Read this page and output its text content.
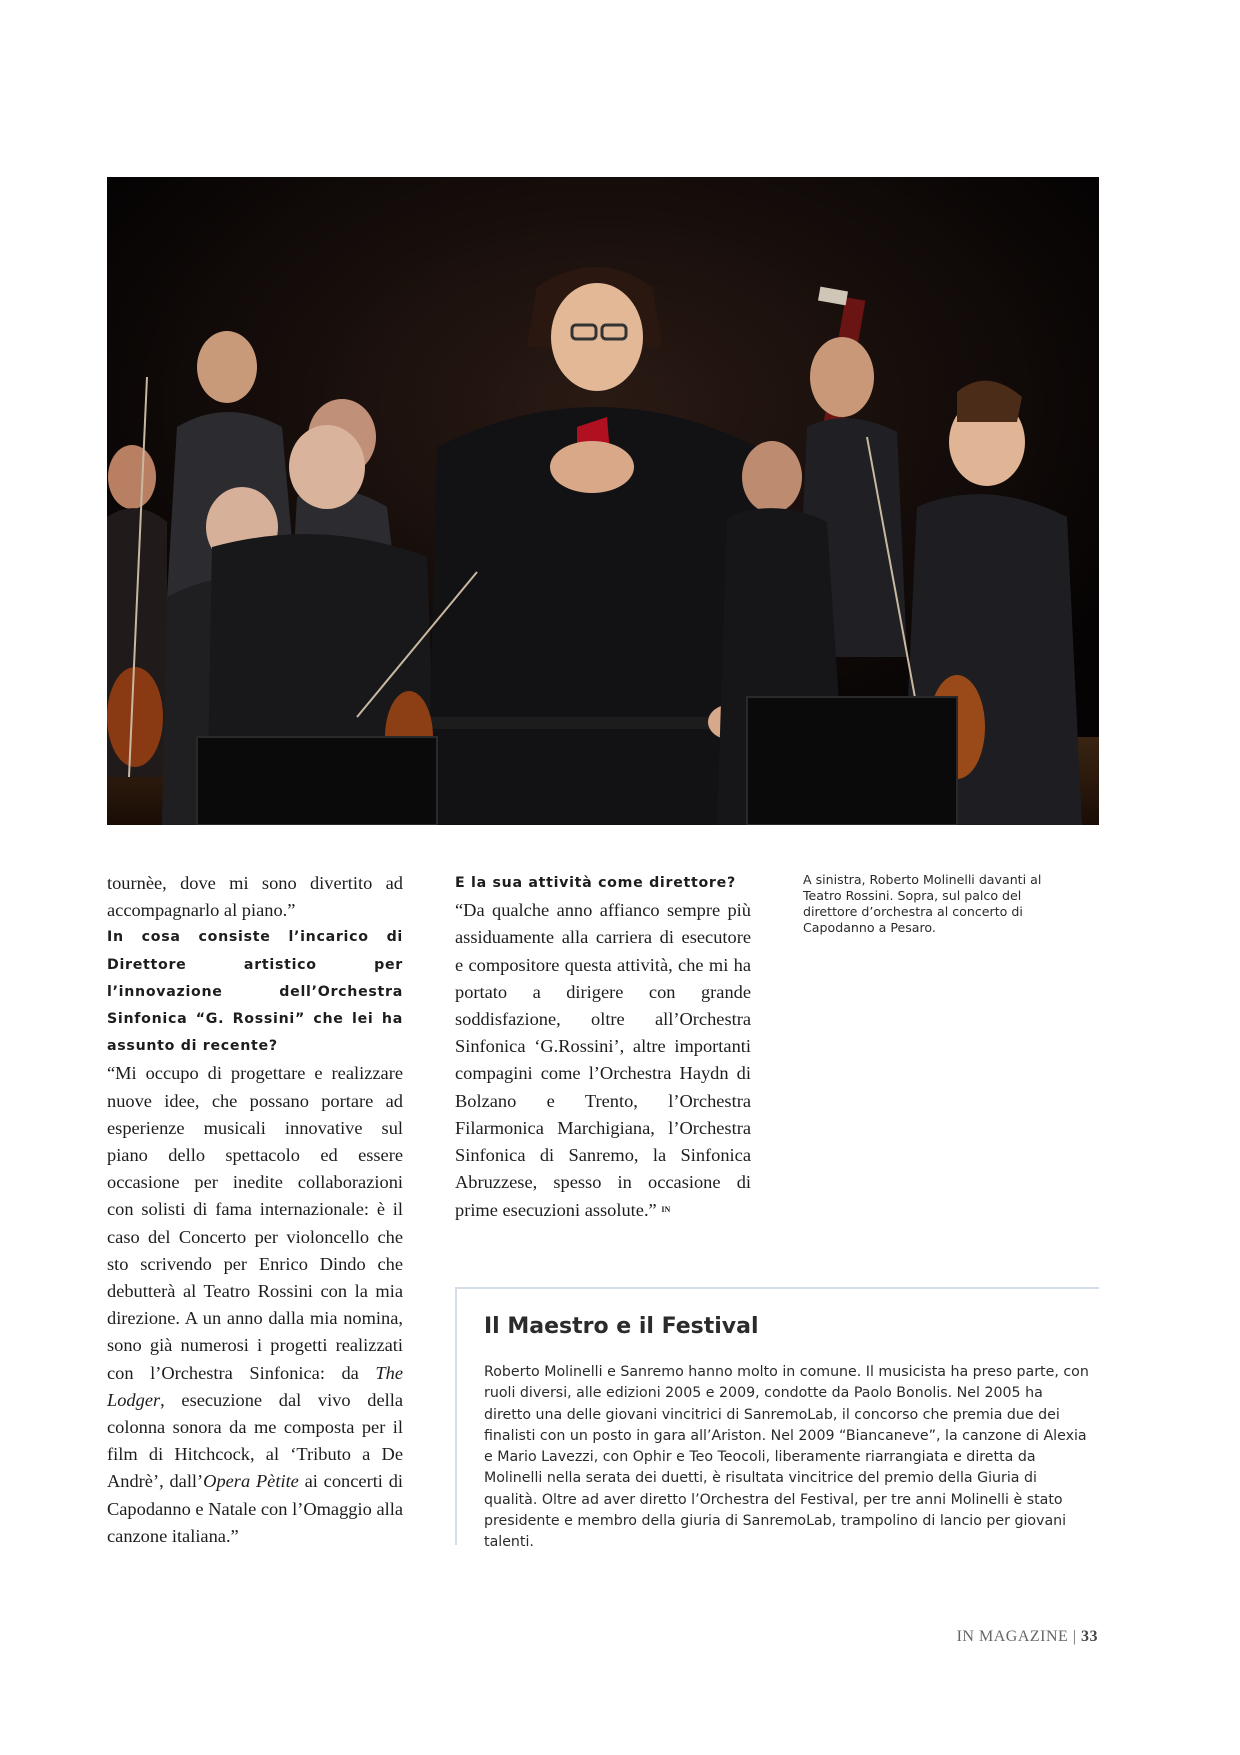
tournèe, dove mi sono divertito ad accompagnarlo al piano.”

In cosa consiste l’incarico di Direttore artistico per l’innovazione dell’Orchestra Sinfonica “G. Rossini” che lei ha assunto di recente?

“Mi occupo di progettare e realizzare nuove idee, che possano portare ad esperienze musicali innovative sul piano dello spettacolo ed essere occasione per inedite collaborazioni con solisti di fama internazionale: è il caso del Concerto per violoncello che sto scrivendo per Enrico Dindo che debutterà al Teatro Rossini con la mia direzione. A un anno dalla mia nomina, sono già numerosi i progetti realizzati con l’Orchestra Sinfonica: da The Lodger, esecuzione dal vivo della colonna sonora da me composta per il film di Hitchcock, al ‘Tributo a De Andrè’, dall’Opera Pètite ai concerti di Capodanno e Natale con l’Omaggio alla canzone italiana.”

E la sua attività come direttore?

“Da qualche anno affianco sempre più assiduamente alla carriera di esecutore e compositore questa attività, che mi ha portato a dirigere con grande soddisfazione, oltre all’Orchestra Sinfonica ‘G.Rossini’, altre importanti compagini come l’Orchestra Haydn di Bolzano e Trento, l’Orchestra Filarmonica Marchigiana, l’Orchestra Sinfonica di Sanremo, la Sinfonica Abruzzese, spesso in occasione di prime esecuzioni assolute.” $^{IN}$

A sinistra, Roberto Molinelli davanti al Teatro Rossini. Sopra, sul palco del direttore d’orchestra al concerto di Capodanno a Pesaro.
Il Maestro e il Festival
Roberto Molinelli e Sanremo hanno molto in comune. Il musicista ha preso parte, con ruoli diversi, alle edizioni 2005 e 2009, condotte da Paolo Bonolis. Nel 2005 ha diretto una delle giovani vincitrici di SanremoLab, il concorso che premia due dei finalisti con un posto in gara all’Ariston. Nel 2009 “Biancaneve”, la canzone di Alexia e Mario Lavezzi, con Ophir e Teo Teocoli, liberamente riarrangiata e diretta da Molinelli nella serata dei duetti, è risultata vincitrice del premio della Giuria di qualità. Oltre ad aver diretto l’Orchestra del Festival, per tre anni Molinelli è stato presidente e membro della giuria di SanremoLab, trampolino di lancio per giovani talenti.
IN MAGAZINE | 33
